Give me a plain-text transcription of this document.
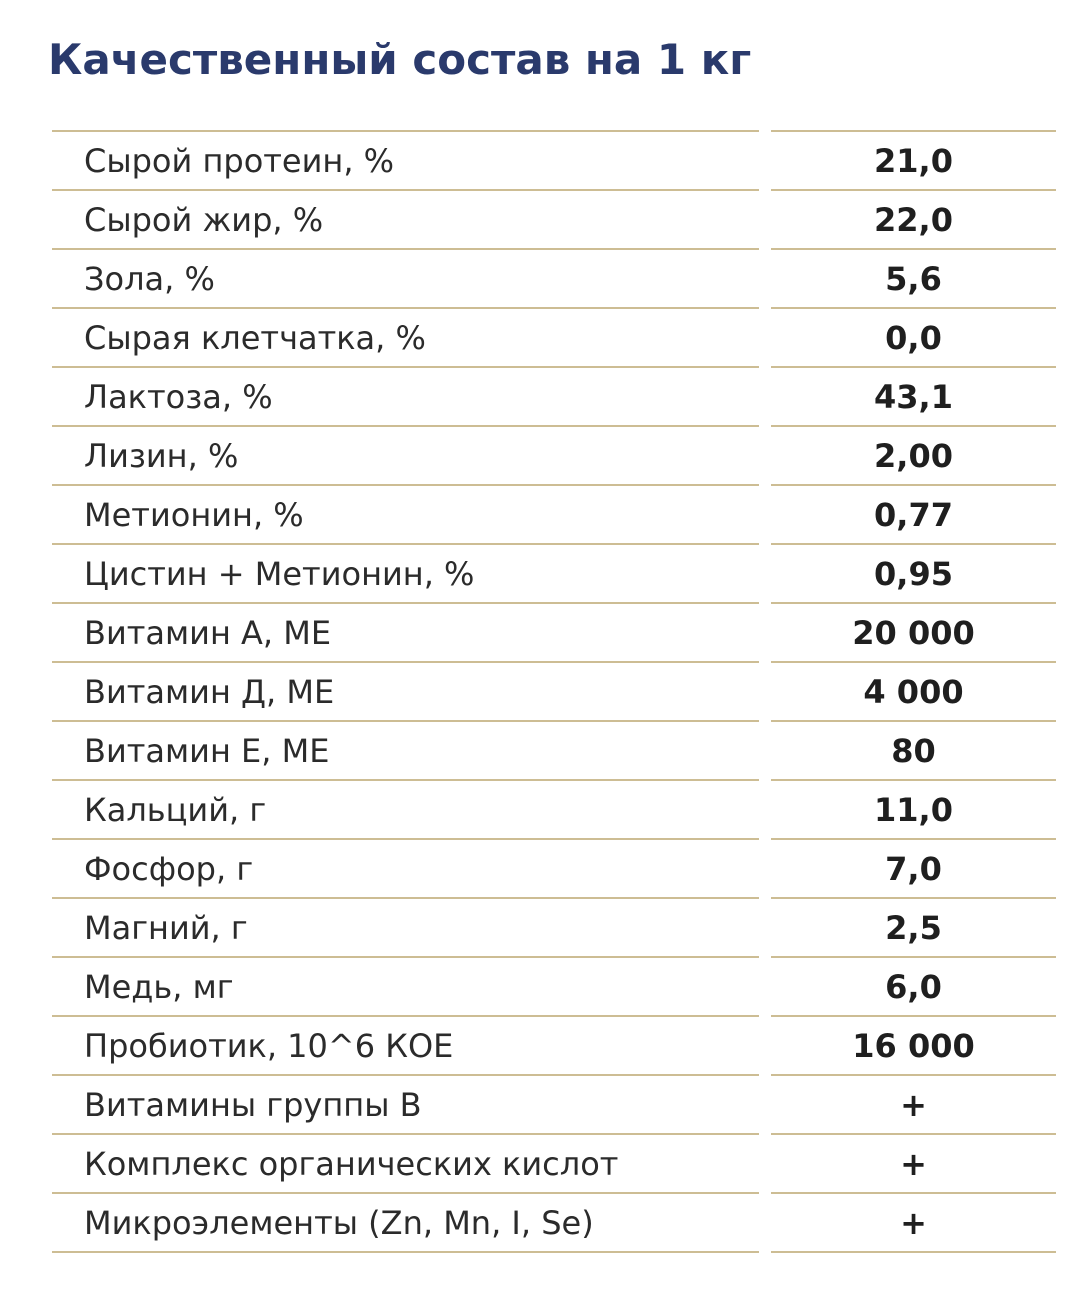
Качественный состав на 1 кг
Сырой протеин, %	21,0
Сырой жир, %	22,0
Зола, %	5,6
Сырая клетчатка, %	0,0
Лактоза, %	43,1
Лизин, %	2,00
Метионин, %	0,77
Цистин + Метионин, %	0,95
Витамин А, МЕ	20 000
Витамин Д, МЕ	4 000
Витамин Е, МЕ	80
Кальций, г	11,0
Фосфор, г	7,0
Магний, г	2,5
Медь, мг	6,0
Пробиотик, 10^6 КОЕ	16 000
Витамины группы В	+
Комплекс органических кислот	+
Микроэлементы (Zn, Mn, I, Se)	+
